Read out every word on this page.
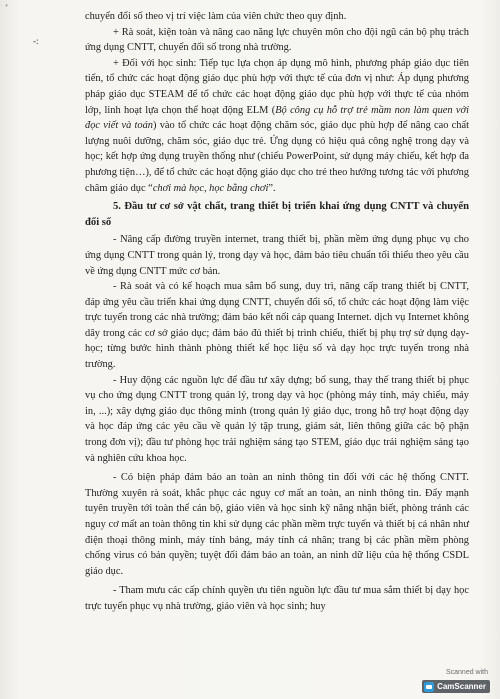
ﾞ
-:

chuyển đổi số theo vị trí việc làm của viên chức theo quy định.

+ Rà soát, kiện toàn và nâng cao năng lực chuyên môn cho đội ngũ cán bộ phụ trách ứng dụng CNTT, chuyển đổi số trong nhà trường.

+ Đối với học sinh: Tiếp tục lựa chọn áp dụng mô hình, phương pháp giáo dục tiên tiến, tổ chức các hoạt động giáo dục phù hợp với thực tế của đơn vị như: Áp dụng phương pháp giáo dục STEAM để tổ chức các hoạt động giáo dục phù hợp với thực tế của nhóm lớp, linh hoạt lựa chọn thể hoạt động ELM (Bộ công cụ hỗ trợ trẻ mầm non làm quen với đọc viết và toán) vào tổ chức các hoạt động chăm sóc, giáo dục phù hợp để nâng cao chất lượng nuôi dưỡng, chăm sóc, giáo dục trẻ. Ứng dụng có hiệu quả công nghệ trong dạy và học; kết hợp ứng dụng truyền thống như (chiếu PowerPoint, sử dụng máy chiếu, kết hợp đa phương tiện…), để tổ chức các hoạt động giáo dục cho trẻ theo hướng tương tác với phương châm giáo dục “chơi mà học, học bằng chơi”.

5. Đầu tư cơ sở vật chất, trang thiết bị triển khai ứng dụng CNTT và chuyển đổi số

- Nâng cấp đường truyền internet, trang thiết bị, phần mềm ứng dụng phục vụ cho ứng dụng CNTT trong quản lý, trong dạy và học, đảm bảo tiêu chuẩn tối thiểu theo yêu cầu về ứng dụng CNTT mức cơ bản.

- Rà soát và có kế hoạch mua sắm bổ sung, duy trì, nâng cấp trang thiết bị CNTT, đáp ứng yêu cầu triển khai ứng dụng CNTT, chuyển đổi số, tổ chức các hoạt động làm việc trực tuyến trong các nhà trường; đảm bảo kết nối cáp quang Internet. dịch vụ Internet không dây trong các cơ sở giáo dục; đảm bảo đủ thiết bị trình chiếu, thiết bị phụ trợ sử dụng dạy-học; từng bước hình thành phòng thiết kế học liệu số và dạy học trực tuyến trong nhà trường.

- Huy động các nguồn lực để đầu tư xây dựng; bổ sung, thay thế trang thiết bị phục vụ cho ứng dụng CNTT trong quản lý, trong dạy và học (phòng máy tính, máy chiếu, máy in, ...); xây dựng giáo dục thông minh (trong quản lý giáo dục, trong hỗ trợ hoạt động dạy và học đáp ứng các yêu cầu về quản lý tập trung, giám sát, liên thông giữa các bộ phận trong đơn vị); đầu tư phòng học trải nghiệm sáng tạo STEM, giáo dục trải nghiệm sáng tạo và nghiên cứu khoa học.

- Có biện pháp đảm bảo an toàn an ninh thông tin đối với các hệ thống CNTT. Thường xuyên rà soát, khắc phục các nguy cơ mất an toàn, an ninh thông tin. Đẩy mạnh tuyên truyền tới toàn thể cán bộ, giáo viên và học sinh kỹ năng nhận biết, phòng tránh các nguy cơ mất an toàn thông tin khi sử dụng các phần mềm trực tuyến và thiết bị cá nhân như điện thoại thông minh, máy tính bảng, máy tính cá nhân; trang bị các phần mềm phòng chống virus có bản quyền; tuyệt đối đảm bảo an toàn, an ninh dữ liệu của hệ thống CSDL giáo dục.

- Tham mưu các cấp chính quyền ưu tiên nguồn lực đầu tư mua sắm thiết bị dạy học trực tuyến phục vụ nhà trường, giáo viên và học sinh; huy

Scanned with
CamScanner
